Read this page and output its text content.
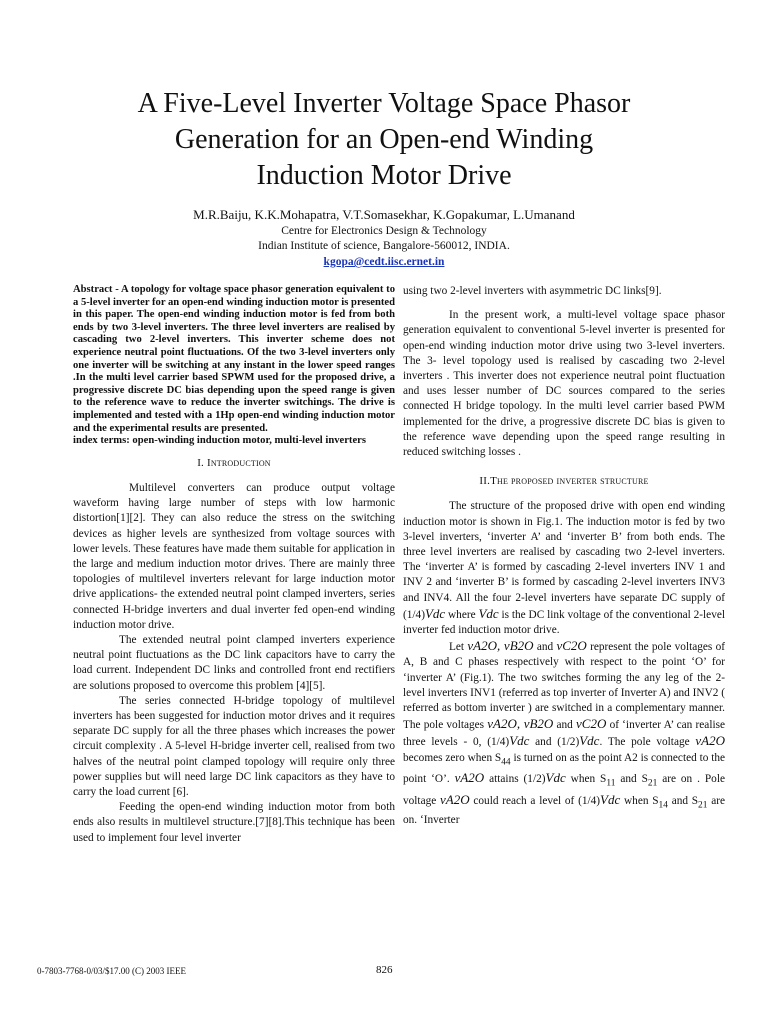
A Five-Level Inverter Voltage Space Phasor
Generation for an Open-end Winding
Induction Motor Drive
M.R.Baiju, K.K.Mohapatra, V.T.Somasekhar, K.Gopakumar, L.Umanand
Centre for Electronics Design & Technology
Indian Institute of science, Bangalore-560012, INDIA.
kgopa@cedt.iisc.ernet.in

Abstract - A topology for voltage space phasor generation equivalent to a 5-level inverter for an open-end winding induction motor is presented in this paper. The open-end winding induction motor is fed from both ends by two 3-level inverters. The three level inverters are realised by cascading two 2-level inverters. This inverter scheme does not experience neutral point fluctuations. Of the two 3-level inverters only one inverter will be switching at any instant in the lower speed ranges .In the multi level carrier based SPWM used for the proposed drive, a progressive discrete DC bias depending upon the speed range is given to the reference wave to reduce the inverter switchings. The drive is implemented and tested with a 1Hp open-end winding induction motor and the experimental results are presented.

index terms: open-winding induction motor, multi-level inverters

I. Introduction

Multilevel converters can produce output voltage waveform having large number of steps with low harmonic distortion[1][2]. They can also reduce the stress on the switching devices as higher levels are synthesized from voltage sources with lower levels. These features have made them suitable for application in the large and medium induction motor drives. There are mainly three topologies of multilevel inverters relevant for large induction motor drive applications- the extended neutral point clamped inverters, series connected H-bridge inverters and dual inverter fed open-end winding induction motor drive.

The extended neutral point clamped inverters experience neutral point fluctuations as the DC link capacitors have to carry the load current. Independent DC links and controlled front end rectifiers are solutions proposed to overcome this problem [4][5].

The series connected H-bridge topology of multilevel inverters has been suggested for induction motor drives and it requires separate DC supply for all the three phases which increases the power circuit complexity . A 5-level H-bridge inverter cell, realised from two halves of the neutral point clamped topology will require only three power supplies but will need large DC link capacitors as they have to carry the load current [6].

Feeding the open-end winding induction motor from both ends also results in multilevel structure.[7][8].This technique has been used to implement four level inverter

using two 2-level inverters with asymmetric DC links[9].

In the present work, a multi-level voltage space phasor generation equivalent to conventional 5-level inverter is presented for open-end winding induction motor drive using two 3-level inverters. The 3- level topology used is realised by cascading two 2-level inverters . This inverter does not experience neutral point fluctuation and uses lesser number of DC sources compared to the series connected H bridge topology. In the multi level carrier based PWM implemented for the drive, a progressive discrete DC bias is given to the reference wave depending upon the speed range resulting in reduced switching losses .

II.The proposed inverter structure

The structure of the proposed drive with open end winding induction motor is shown in Fig.1. The induction motor is fed by two 3-level inverters, ‘inverter A’ and ‘inverter B’ from both ends. The three level inverters are realised by cascading two 2-level inverters. The ‘inverter A’ is formed by cascading 2-level inverters INV 1 and INV 2 and ‘inverter B’ is formed by cascading 2-level inverters INV3 and INV4. All the four 2-level inverters have separate DC supply of (1/4)Vdc where Vdc is the DC link voltage of the conventional 2-level inverter fed induction motor drive.

Let vA2O, vB2O and vC2O represent the pole voltages of A, B and C phases respectively with respect to the point ‘O’ for ‘inverter A’ (Fig.1). The two switches forming the any leg of the 2-level inverters INV1 (referred as top inverter of Inverter A) and INV2 ( referred as bottom inverter ) are switched in a complementary manner. The pole voltages vA2O, vB2O and vC2O of ‘inverter A’ can realise three levels - 0, (1/4)Vdc and (1/2)Vdc. The pole voltage vA2O becomes zero when $S_{44}$ is turned on as the point A2 is connected to the point ‘O’. vA2O attains (1/2)Vdc when $S_{11}$ and $S_{21}$ are on . Pole voltage vA2O could reach a level of (1/4)Vdc when $S_{14}$ and $S_{21}$ are on. ‘Inverter

0-7803-7768-0/03/$17.00 (C) 2003 IEEE	826
